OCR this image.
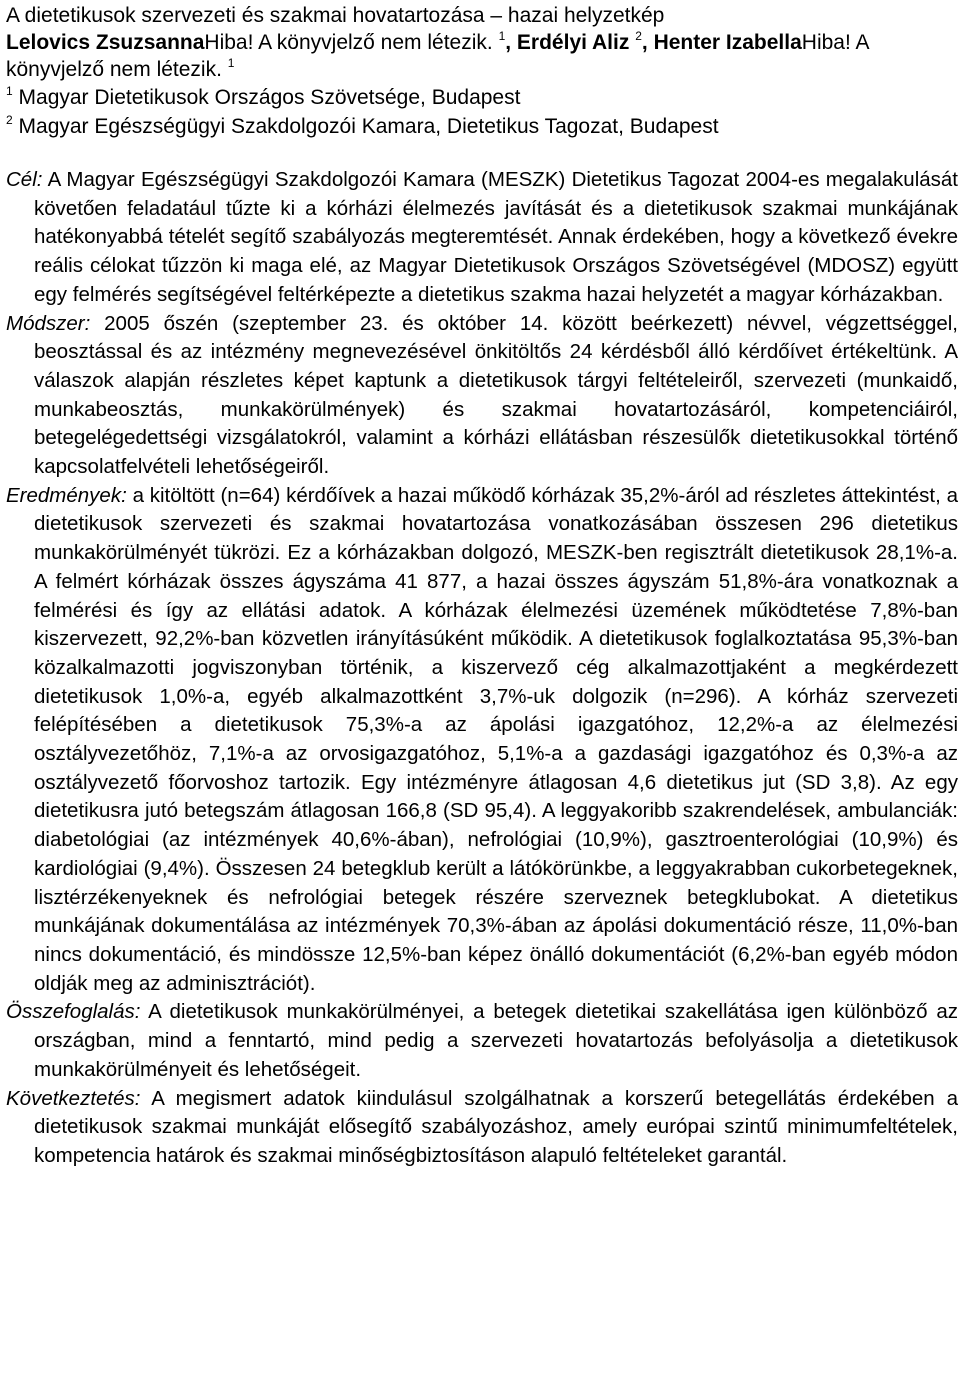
A dietetikusok szervezeti és szakmai hovatartozása – hazai helyzetkép

Lelovics ZsuzsannaHiba! A könyvjelző nem létezik. $^1$, Erdélyi Aliz $^2$, Henter IzabellaHiba! A könyvjelző nem létezik. $^1$

$^1$ Magyar Dietetikusok Országos Szövetsége, Budapest

$^2$ Magyar Egészségügyi Szakdolgozói Kamara, Dietetikus Tagozat, Budapest

Cél: A Magyar Egészségügyi Szakdolgozói Kamara (MESZK) Dietetikus Tagozat 2004-es megalakulását követően feladatául tűzte ki a kórházi élelmezés javítását és a dietetikusok szakmai munkájának hatékonyabbá tételét segítő szabályozás megteremtését. Annak érdekében, hogy a következő évekre reális célokat tűzzön ki maga elé, az Magyar Dietetikusok Országos Szövetségével (MDOSZ) együtt egy felmérés segítségével feltérképezte a dietetikus szakma hazai helyzetét a magyar kórházakban.

Módszer: 2005 őszén (szeptember 23. és október 14. között beérkezett) névvel, végzettséggel, beosztással és az intézmény megnevezésével önkitöltős 24 kérdésből álló kérdőívet értékeltünk. A válaszok alapján részletes képet kaptunk a dietetikusok tárgyi feltételeiről, szervezeti (munkaidő, munkabeosztás, munkakörülmények) és szakmai hovatartozásáról, kompetenciáiról, betegelégedettségi vizsgálatokról, valamint a kórházi ellátásban részesülők dietetikusokkal történő kapcsolatfelvételi lehetőségeiről.

Eredmények: a kitöltött (n=64) kérdőívek a hazai működő kórházak 35,2%-áról ad részletes áttekintést, a dietetikusok szervezeti és szakmai hovatartozása vonatkozásában összesen 296 dietetikus munkakörülményét tükrözi. Ez a kórházakban dolgozó, MESZK-ben regisztrált dietetikusok 28,1%-a. A felmért kórházak összes ágyszáma 41 877, a hazai összes ágyszám 51,8%-ára vonatkoznak a felmérési és így az ellátási adatok. A kórházak élelmezési üzemének működtetése 7,8%-ban kiszervezett, 92,2%-ban közvetlen irányításúként működik. A dietetikusok foglalkoztatása 95,3%-ban közalkalmazotti jogviszonyban történik, a kiszervező cég alkalmazottjaként a megkérdezett dietetikusok 1,0%-a, egyéb alkalmazottként 3,7%-uk dolgozik (n=296). A kórház szervezeti felépítésében a dietetikusok 75,3%-a az ápolási igazgatóhoz, 12,2%-a az élelmezési osztályvezetőhöz, 7,1%-a az orvosigazgatóhoz, 5,1%-a a gazdasági igazgatóhoz és 0,3%-a az osztályvezető főorvoshoz tartozik. Egy intézményre átlagosan 4,6 dietetikus jut (SD 3,8). Az egy dietetikusra jutó betegszám átlagosan 166,8 (SD 95,4). A leggyakoribb szakrendelések, ambulanciák: diabetológiai (az intézmények 40,6%-ában), nefrológiai (10,9%), gasztroenterológiai (10,9%) és kardiológiai (9,4%). Összesen 24 betegklub került a látókörünkbe, a leggyakrabban cukorbetegeknek, lisztérzékenyeknek és nefrológiai betegek részére szerveznek betegklubokat. A dietetikus munkájának dokumentálása az intézmények 70,3%-ában az ápolási dokumentáció része, 11,0%-ban nincs dokumentáció, és mindössze 12,5%-ban képez önálló dokumentációt (6,2%-ban egyéb módon oldják meg az adminisztrációt).

Összefoglalás: A dietetikusok munkakörülményei, a betegek dietetikai szakellátása igen különböző az országban, mind a fenntartó, mind pedig a szervezeti hovatartozás befolyásolja a dietetikusok munkakörülményeit és lehetőségeit.

Következtetés: A megismert adatok kiindulásul szolgálhatnak a korszerű betegellátás érdekében a dietetikusok szakmai munkáját elősegítő szabályozáshoz, amely európai szintű minimumfeltételek, kompetencia határok és szakmai minőségbiztosításon alapuló feltételeket garantál.
